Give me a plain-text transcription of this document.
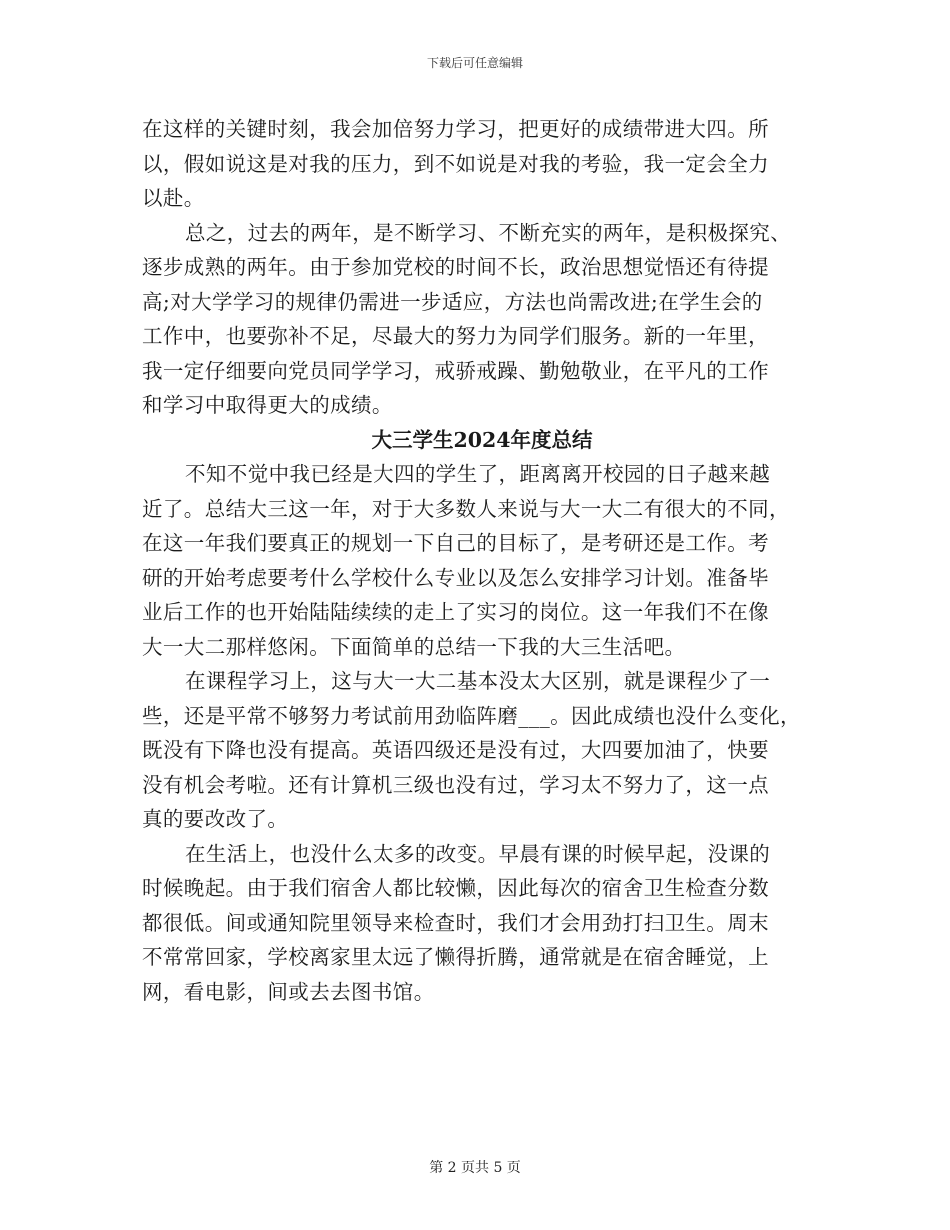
下载后可任意编辑
在这样的关键时刻，我会加倍努力学习，把更好的成绩带进大四。所
以，假如说这是对我的压力，到不如说是对我的考验，我一定会全力
以赴。
总之，过去的两年，是不断学习、不断充实的两年，是积极探究、
逐步成熟的两年。由于参加党校的时间不长，政治思想觉悟还有待提
高;对大学学习的规律仍需进一步适应，方法也尚需改进;在学生会的
工作中，也要弥补不足，尽最大的努力为同学们服务。新的一年里，
我一定仔细要向党员同学学习，戒骄戒躁、勤勉敬业，在平凡的工作
和学习中取得更大的成绩。
大三学生2024年度总结
不知不觉中我已经是大四的学生了，距离离开校园的日子越来越
近了。总结大三这一年，对于大多数人来说与大一大二有很大的不同，
在这一年我们要真正的规划一下自己的目标了，是考研还是工作。考
研的开始考虑要考什么学校什么专业以及怎么安排学习计划。准备毕
业后工作的也开始陆陆续续的走上了实习的岗位。这一年我们不在像
大一大二那样悠闲。下面简单的总结一下我的大三生活吧。
在课程学习上，这与大一大二基本没太大区别，就是课程少了一
些，还是平常不够努力考试前用劲临阵磨___。因此成绩也没什么变化，
既没有下降也没有提高。英语四级还是没有过，大四要加油了，快要
没有机会考啦。还有计算机三级也没有过，学习太不努力了，这一点
真的要改改了。
在生活上，也没什么太多的改变。早晨有课的时候早起，没课的
时候晚起。由于我们宿舍人都比较懒，因此每次的宿舍卫生检查分数
都很低。间或通知院里领导来检查时，我们才会用劲打扫卫生。周末
不常常回家，学校离家里太远了懒得折腾，通常就是在宿舍睡觉，上
网，看电影，间或去去图书馆。
第 2 页共 5 页
